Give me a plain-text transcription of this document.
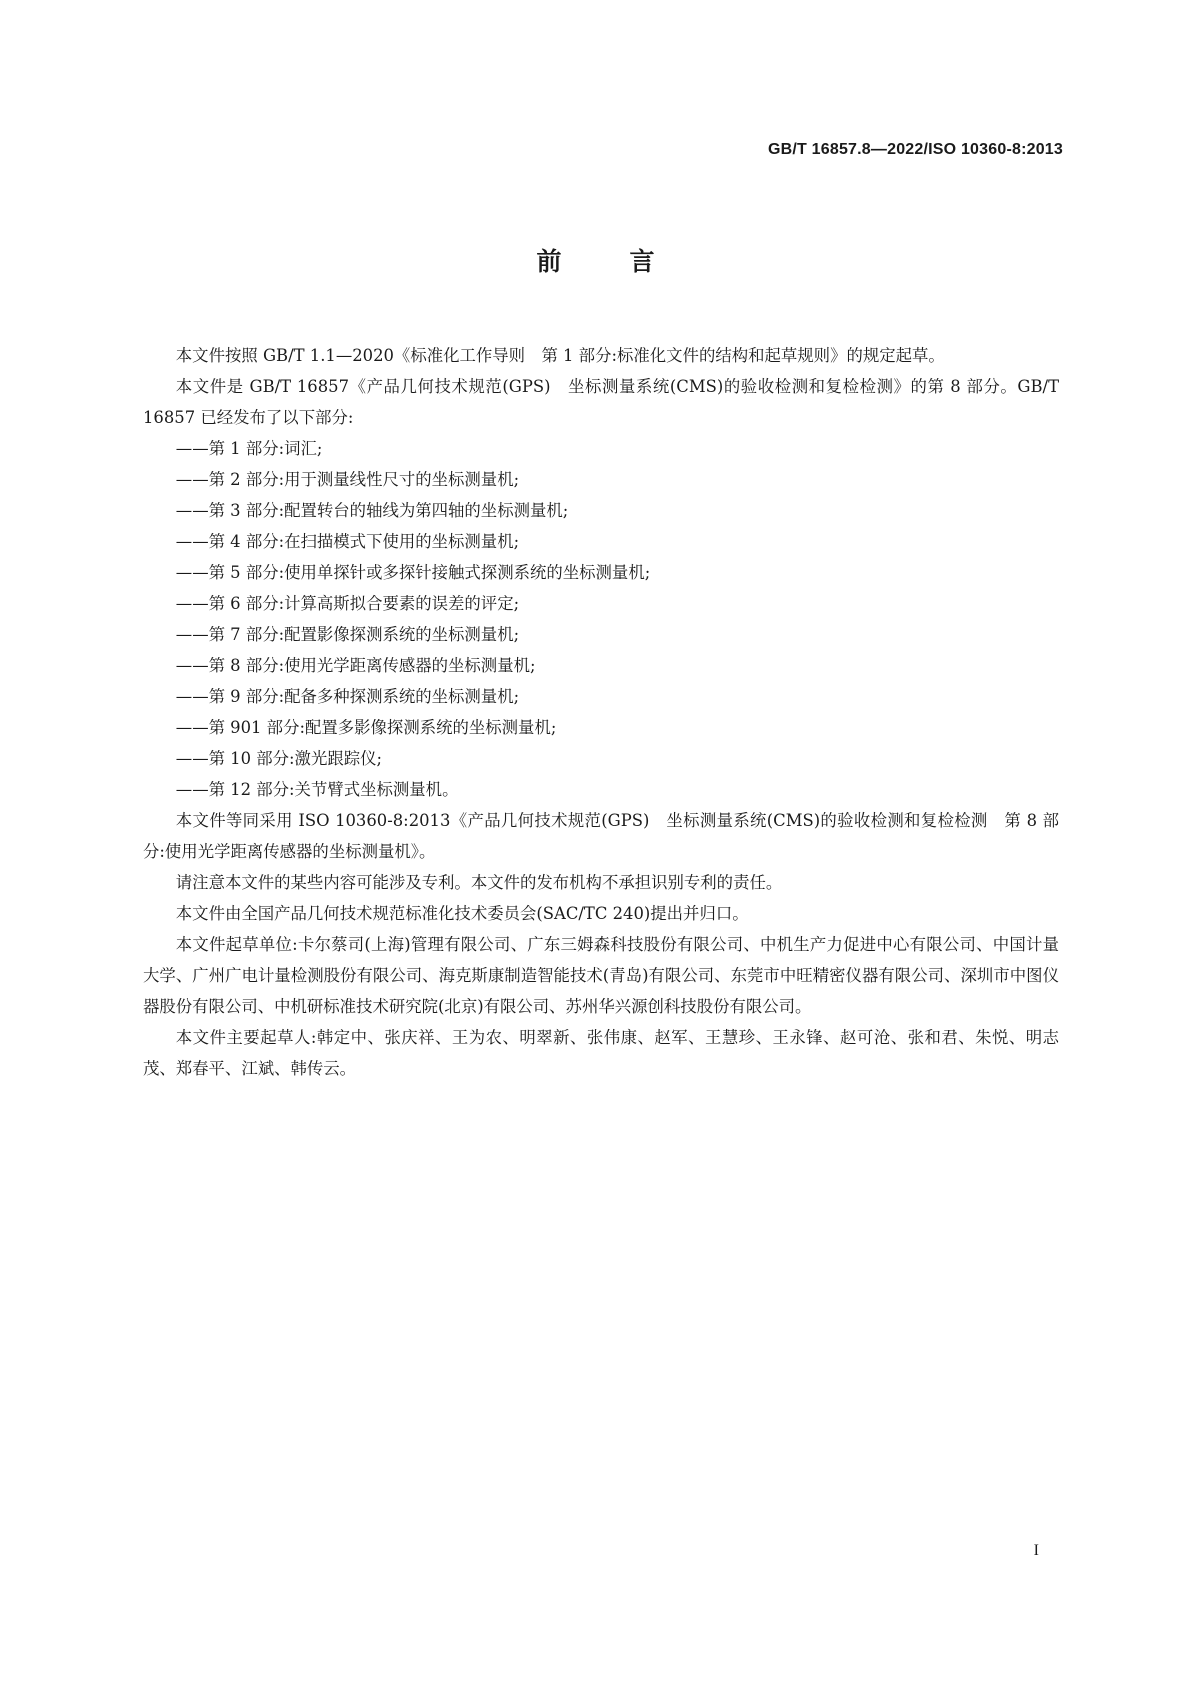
GB/T 16857.8—2022/ISO 10360-8:2013
前言

本文件按照 GB/T 1.1—2020《标准化工作导则　第 1 部分:标准化文件的结构和起草规则》的规定起草。

本文件是 GB/T 16857《产品几何技术规范(GPS)　坐标测量系统(CMS)的验收检测和复检检测》的第 8 部分。GB/T 16857 已经发布了以下部分:

——第 1 部分:词汇;

——第 2 部分:用于测量线性尺寸的坐标测量机;

——第 3 部分:配置转台的轴线为第四轴的坐标测量机;

——第 4 部分:在扫描模式下使用的坐标测量机;

——第 5 部分:使用单探针或多探针接触式探测系统的坐标测量机;

——第 6 部分:计算高斯拟合要素的误差的评定;

——第 7 部分:配置影像探测系统的坐标测量机;

——第 8 部分:使用光学距离传感器的坐标测量机;

——第 9 部分:配备多种探测系统的坐标测量机;

——第 901 部分:配置多影像探测系统的坐标测量机;

——第 10 部分:激光跟踪仪;

——第 12 部分:关节臂式坐标测量机。

本文件等同采用 ISO 10360-8:2013《产品几何技术规范(GPS)　坐标测量系统(CMS)的验收检测和复检检测　第 8 部分:使用光学距离传感器的坐标测量机》。

请注意本文件的某些内容可能涉及专利。本文件的发布机构不承担识别专利的责任。

本文件由全国产品几何技术规范标准化技术委员会(SAC/TC 240)提出并归口。

本文件起草单位:卡尔蔡司(上海)管理有限公司、广东三姆森科技股份有限公司、中机生产力促进中心有限公司、中国计量大学、广州广电计量检测股份有限公司、海克斯康制造智能技术(青岛)有限公司、东莞市中旺精密仪器有限公司、深圳市中图仪器股份有限公司、中机研标准技术研究院(北京)有限公司、苏州华兴源创科技股份有限公司。

本文件主要起草人:韩定中、张庆祥、王为农、明翠新、张伟康、赵军、王慧珍、王永锋、赵可沧、张和君、朱悦、明志茂、郑春平、江斌、韩传云。

I
